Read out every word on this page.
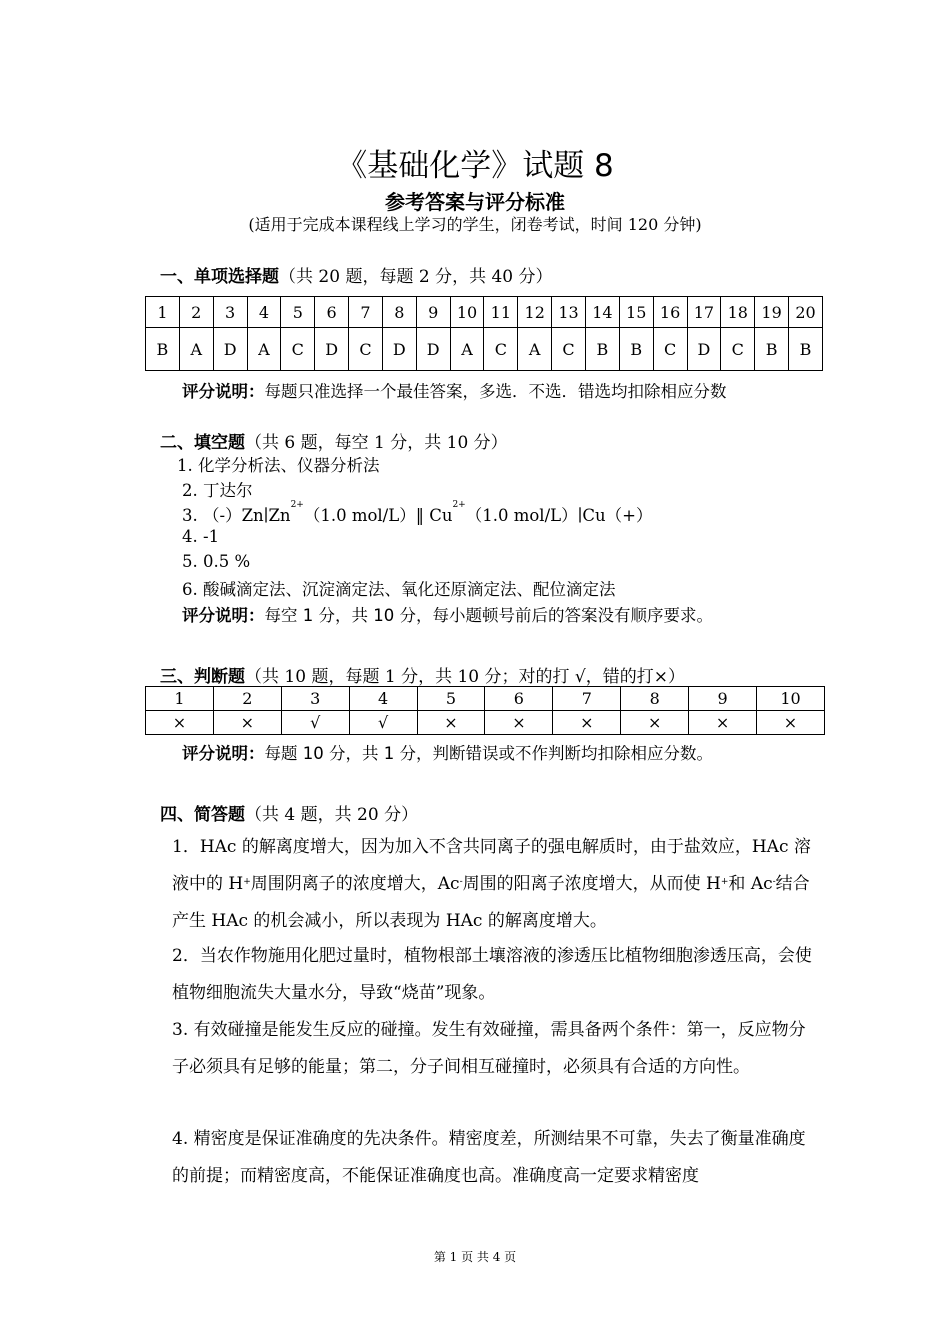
《基础化学》试题 8
参考答案与评分标准
(适用于完成本课程线上学习的学生，闭卷考试，时间 120 分钟)
一、单项选择题（共 20 题，每题 2 分，共 40 分）
1	2	3	4	5	6	7	8	9	10	11	12	13	14	15	16	17	18	19	20
B	A	D	A	C	D	C	D	D	A	C	A	C	B	B	C	D	C	B	B
评分说明：每题只准选择一个最佳答案，多选．不选．错选均扣除相应分数
二、填空题（共 6 题，每空 1 分，共 10 分）
1. 化学分析法、仪器分析法
2. 丁达尔
3. $(-)Zn∣Zn^{2+}(1.0$ mol/L）‖ $Cu^{2+}(1.0$ mol/L）∣Cu（+）
4. -1
5. 0.5 %
6. 酸碱滴定法、沉淀滴定法、氧化还原滴定法、配位滴定法
评分说明：每空 1 分，共 10 分，每小题顿号前后的答案没有顺序要求。
三、判断题（共 10 题，每题 1 分，共 10 分；对的打 √，错的打×）
1	2	3	4	5	6	7	8	9	10
×	×	√	√	×	×	×	×	×	×
评分说明：每题 10 分，共 1 分，判断错误或不作判断均扣除相应分数。
四、简答题（共 4 题，共 20 分）
1．HAc 的解离度增大，因为加入不含共同离子的强电解质时，由于盐效应，HAc 溶液中的 H+周围阴离子的浓度增大，Ac-周围的阳离子浓度增大，从而使 H+和 Ac-结合产生 HAc 的机会减小，所以表现为 HAc 的解离度增大。
2．当农作物施用化肥过量时，植物根部土壤溶液的渗透压比植物细胞渗透压高，会使植物细胞流失大量水分，导致“烧苗”现象。
3. 有效碰撞是能发生反应的碰撞。发生有效碰撞，需具备两个条件：第一，反应物分子必须具有足够的能量；第二，分子间相互碰撞时，必须具有合适的方向性。
4. 精密度是保证准确度的先决条件。精密度差，所测结果不可靠，失去了衡量准确度的前提；而精密度高，不能保证准确度也高。准确度高一定要求精密度
第 1 页 共 4 页
